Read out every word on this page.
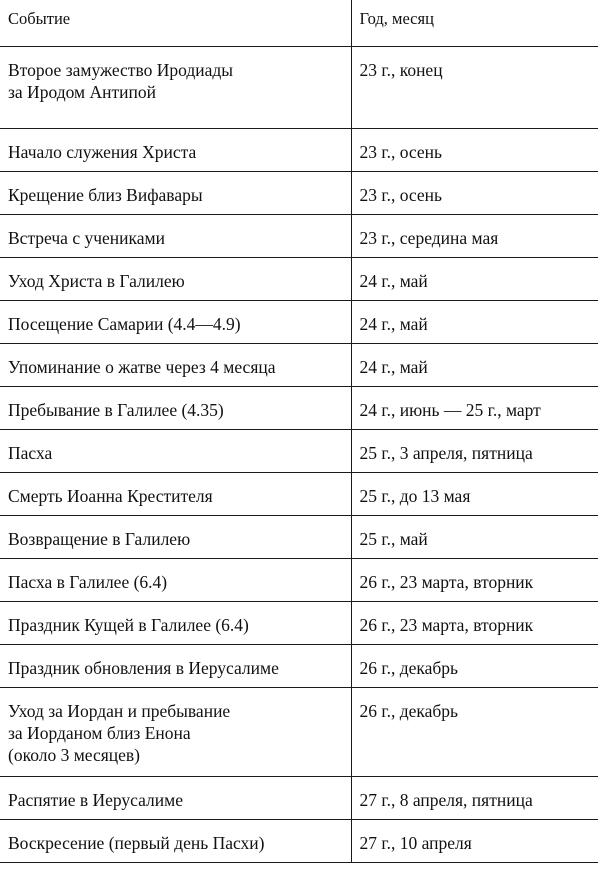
Событие	Год, месяц

Второе замужество Иродиады
за Иродом Антипой	23 г., конец

Начало служения Христа	23 г., осень

Крещение близ Вифавары	23 г., осень

Встреча с учениками	23 г., середина мая

Уход Христа в Галилею	24 г., май

Посещение Самарии (4.4—4.9)	24 г., май

Упоминание о жатве через 4 месяца	24 г., май

Пребывание в Галилее (4.35)	24 г., июнь — 25 г., март

Пасха	25 г., 3 апреля, пятница

Смерть Иоанна Крестителя	25 г., до 13 мая

Возвращение в Галилею	25 г., май

Пасха в Галилее (6.4)	26 г., 23 марта, вторник

Праздник Кущей в Галилее (6.4)	26 г., 23 марта, вторник

Праздник обновления в Иерусалиме	26 г., декабрь

Уход за Иордан и пребывание
за Иорданом близ Енона
(около 3 месяцев)	26 г., декабрь

Распятие в Иерусалиме	27 г., 8 апреля, пятница

Воскресение (первый день Пасхи)	27 г., 10 апреля
